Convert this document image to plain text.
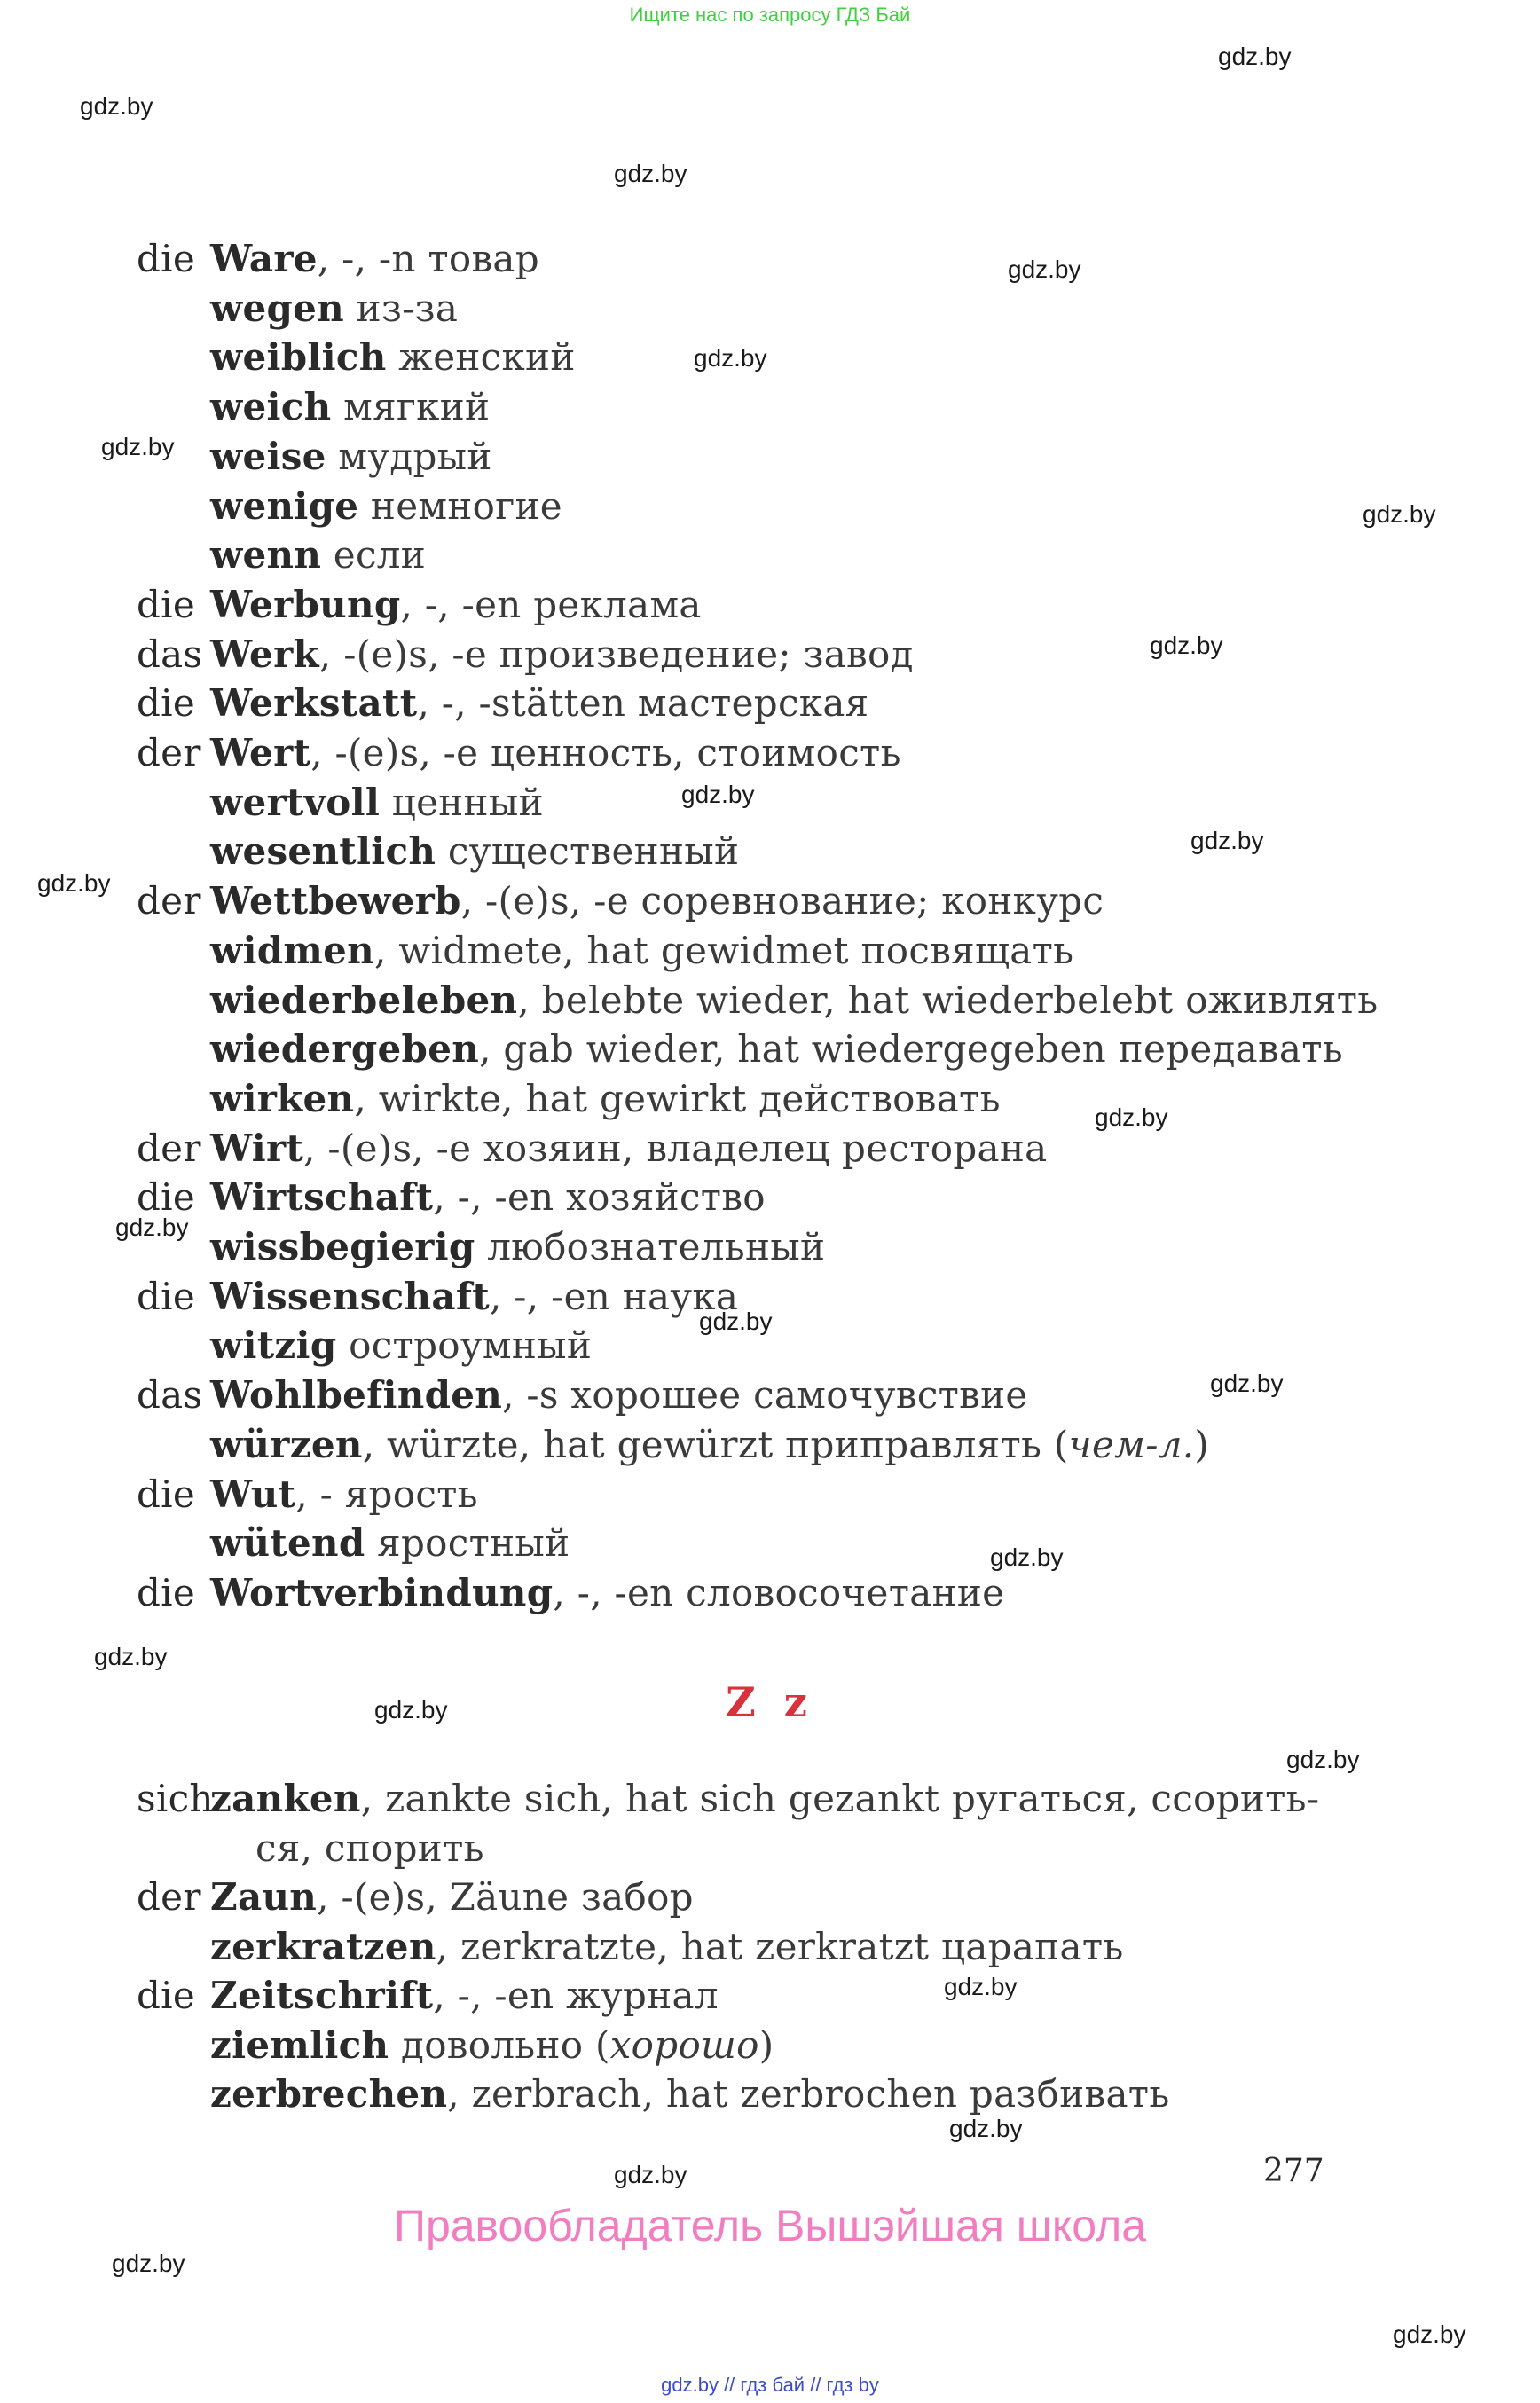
Ищите нас по запросу ГДЗ Бай
gdz.by
gdz.by
gdz.by
gdz.by
gdz.by
gdz.by
gdz.by
gdz.by
gdz.by
gdz.by
gdz.by
gdz.by
gdz.by
gdz.by
gdz.by
gdz.by
gdz.by
gdz.by
gdz.by
gdz.by
gdz.by
gdz.by
gdz.by
gdz.by
die Ware, -, -n товар
wegen из-за
weiblich женский
weich мягкий
weise мудрый
wenige немногие
wenn если
die Werbung, -, -en реклама
das Werk, -(e)s, -e произведение; завод
die Werkstatt, -, -stätten мастерская
der Wert, -(e)s, -e ценность, стоимость
wertvoll ценный
wesentlich существенный
der Wettbewerb, -(e)s, -e соревнование; конкурс
widmen, widmete, hat gewidmet посвящать
wiederbeleben, belebte wieder, hat wiederbelebt оживлять
wiedergeben, gab wieder, hat wiedergegeben передавать
wirken, wirkte, hat gewirkt действовать
der Wirt, -(e)s, -e хозяин, владелец ресторана
die Wirtschaft, -, -en хозяйство
wissbegierig любознательный
die Wissenschaft, -, -en наука
witzig остроумный
das Wohlbefinden, -s хорошее самочувствие
würzen, würzte, hat gewürzt приправлять (чем-л.)
die Wut, - ярость
wütend яростный
die Wortverbindung, -, -en словосочетание
Z z
sich
zanken, zankte sich, hat sich gezankt ругаться, ссорить-
ся, спорить
der Zaun, -(e)s, Zäune забор
zerkratzen, zerkratzte, hat zerkratzt царапать
die Zeitschrift, -, -en журнал
ziemlich довольно (хорошо)
zerbrechen, zerbrach, hat zerbrochen разбивать
277
Правообладатель Вышэйшая школа
gdz.by // гдз бай // гдз by
